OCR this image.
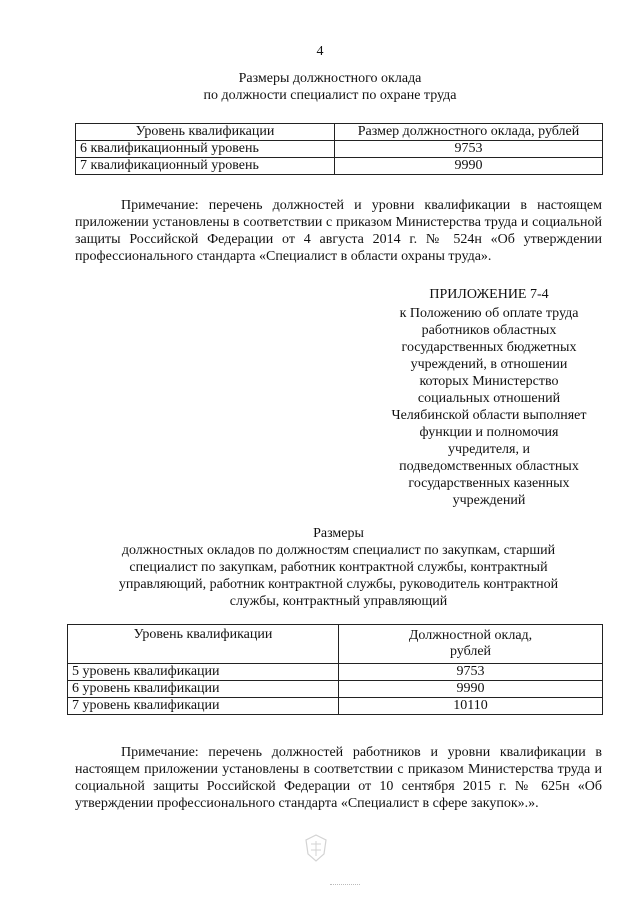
4
Размеры должностного оклада
по должности специалист по охране труда
Уровень квалификации	Размер должностного оклада, рублей
6 квалификационный уровень	9753
7 квалификационный уровень	9990

Примечание: перечень должностей и уровни квалификации в настоящем приложении установлены в соответствии с приказом Министерства труда и социальной защиты Российской Федерации от 4 августа 2014 г. № 524н «Об утверждении профессионального стандарта «Специалист в области охраны труда».

ПРИЛОЖЕНИЕ 7-4
к Положению об оплате труда
работников областных
государственных бюджетных
учреждений, в отношении
которых Министерство
социальных отношений
Челябинской области выполняет
функции и полномочия
учредителя, и
подведомственных областных
государственных казенных
учреждений
Размеры
должностных окладов по должностям специалист по закупкам, старший
специалист по закупкам, работник контрактной службы, контрактный
управляющий, работник контрактной службы, руководитель контрактной
службы, контрактный управляющий
Уровень квалификации	Должностной оклад,
рублей

5 уровень квалификации	9753
6 уровень квалификации	9990
7 уровень квалификации	10110

Примечание: перечень должностей работников и уровни квалификации в настоящем приложении установлены в соответствии с приказом Министерства труда и социальной защиты Российской Федерации от 10 сентября 2015 г. № 625н «Об утверждении профессионального стандарта «Специалист в сфере закупок».».
